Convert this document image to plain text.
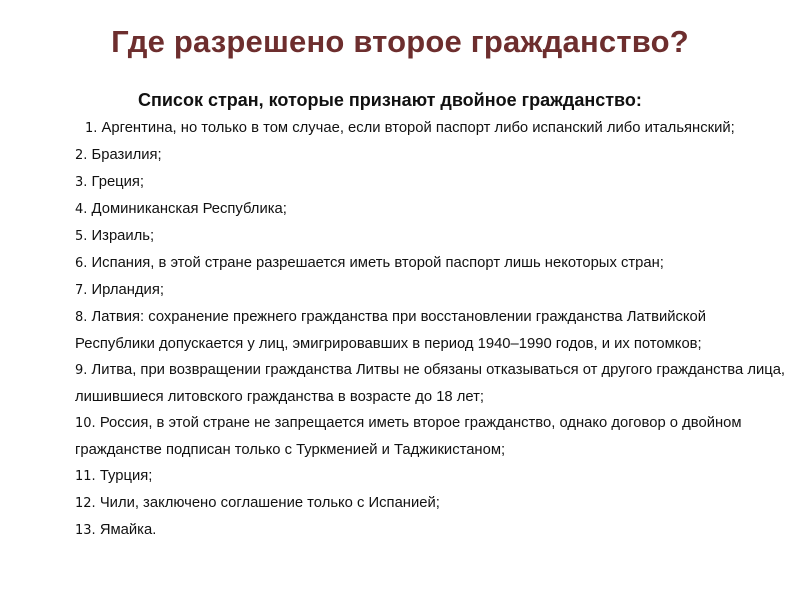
Где разрешено второе гражданство?

Список стран, которые признают двойное гражданство:

1. Аргентина, но только в том случае, если второй паспорт либо испанский либо итальянский;
2. Бразилия;
3. Греция;
4. Доминиканская Республика;
5. Израиль;
6. Испания, в этой стране разрешается иметь второй паспорт лишь некоторых стран;
7. Ирландия;
8. Латвия: сохранение прежнего гражданства при восстановлении гражданства Латвийской Республики допускается у лиц, эмигрировавших в период 1940–1990 годов, и их потомков;
9. Литва, при возвращении гражданства Литвы не обязаны отказываться от другого гражданства лица, лишившиеся литовского гражданства в возрасте до 18 лет;
10. Россия, в этой стране не запрещается иметь второе гражданство, однако договор о двойном гражданстве подписан только с Туркменией и Таджикистаном;
11. Турция;
12. Чили, заключено соглашение только с Испанией;
13. Ямайка.
